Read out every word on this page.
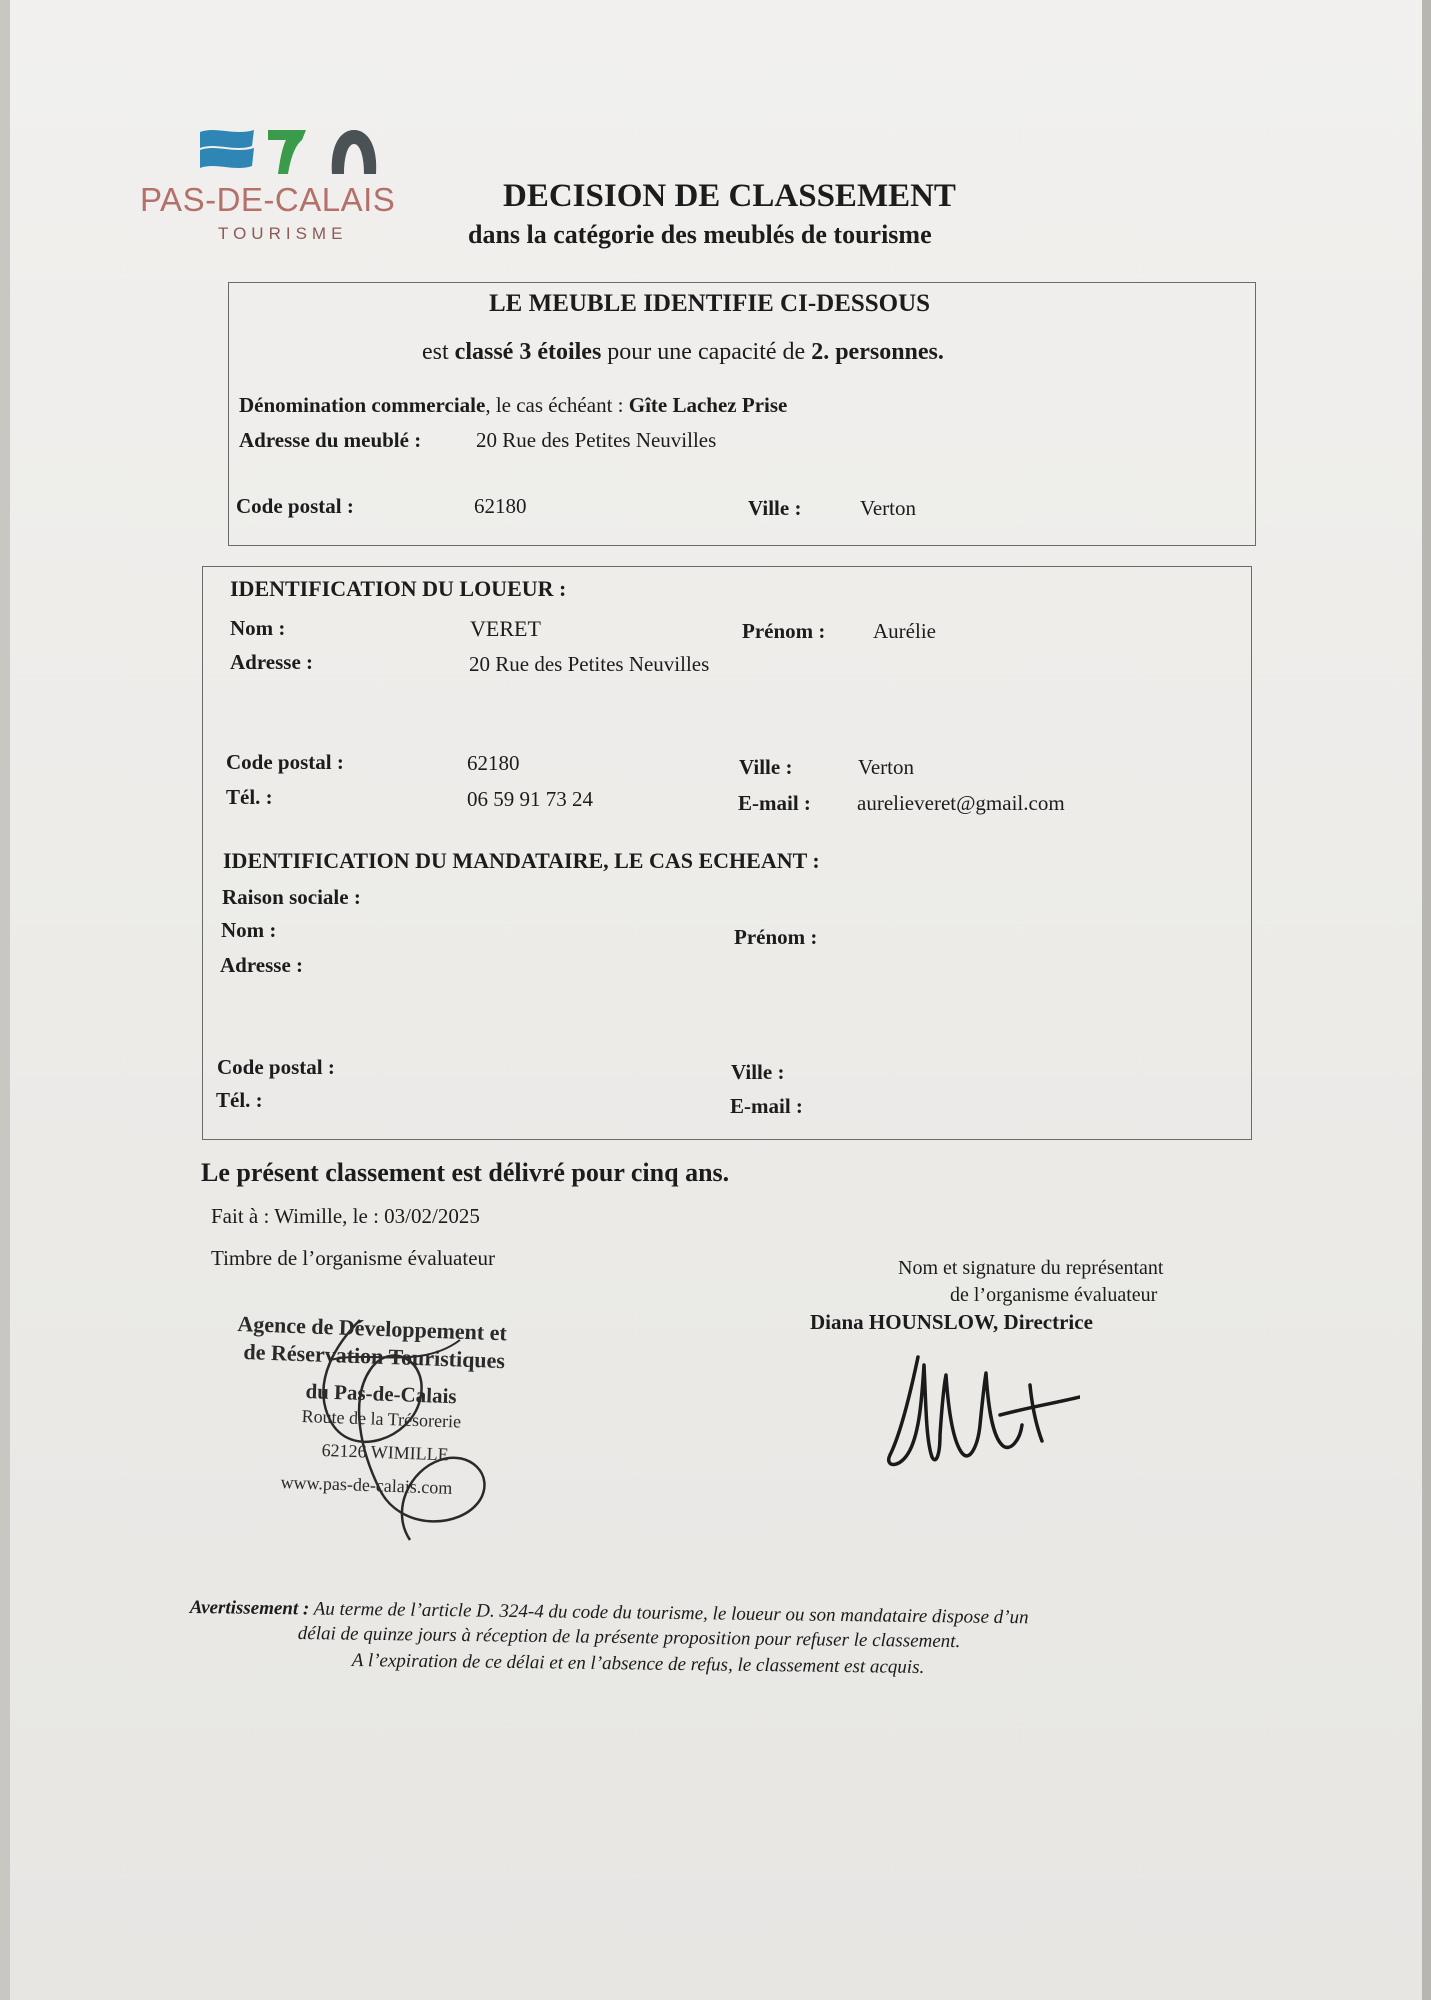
PAS-DE-CALAIS
TOURISME
DECISION DE CLASSEMENT
dans la catégorie des meublés de tourisme
LE MEUBLE IDENTIFIE CI-DESSOUS
est classé 3 étoiles pour une capacité de 2. personnes.
Dénomination commerciale, le cas échéant : Gîte Lachez Prise
Adresse du meublé :	20 Rue des Petites Neuvilles
Code postal :	62180	Ville :	Verton
IDENTIFICATION DU LOUEUR :
Nom :	VERET	Prénom : Aurélie
Adresse :	20 Rue des Petites Neuvilles
Code postal :	62180	Ville :	Verton
Tél. :	06 59 91 73 24	E-mail : aurelieveret@gmail.com
IDENTIFICATION DU MANDATAIRE, LE CAS ECHEANT :
Raison sociale :
Nom :	Prénom :
Adresse :
Code postal :	Ville :
Tél. :	E-mail :
Le présent classement est délivré pour cinq ans.
Fait à : Wimille, le : 03/02/2025
Timbre de l’organisme évaluateur	Nom et signature du représentant
de l’organisme évaluateur
Diana HOUNSLOW, Directrice
Agence de Développement et
de Réservation Touristiques
du Pas-de-Calais
Route de la Trésorerie
62126 WIMILLE
www.pas-de-calais.com
Avertissement : Au terme de l’article D. 324-4 du code du tourisme, le loueur ou son mandataire dispose d’un
délai de quinze jours à réception de la présente proposition pour refuser le classement.
A l’expiration de ce délai et en l’absence de refus, le classement est acquis.
